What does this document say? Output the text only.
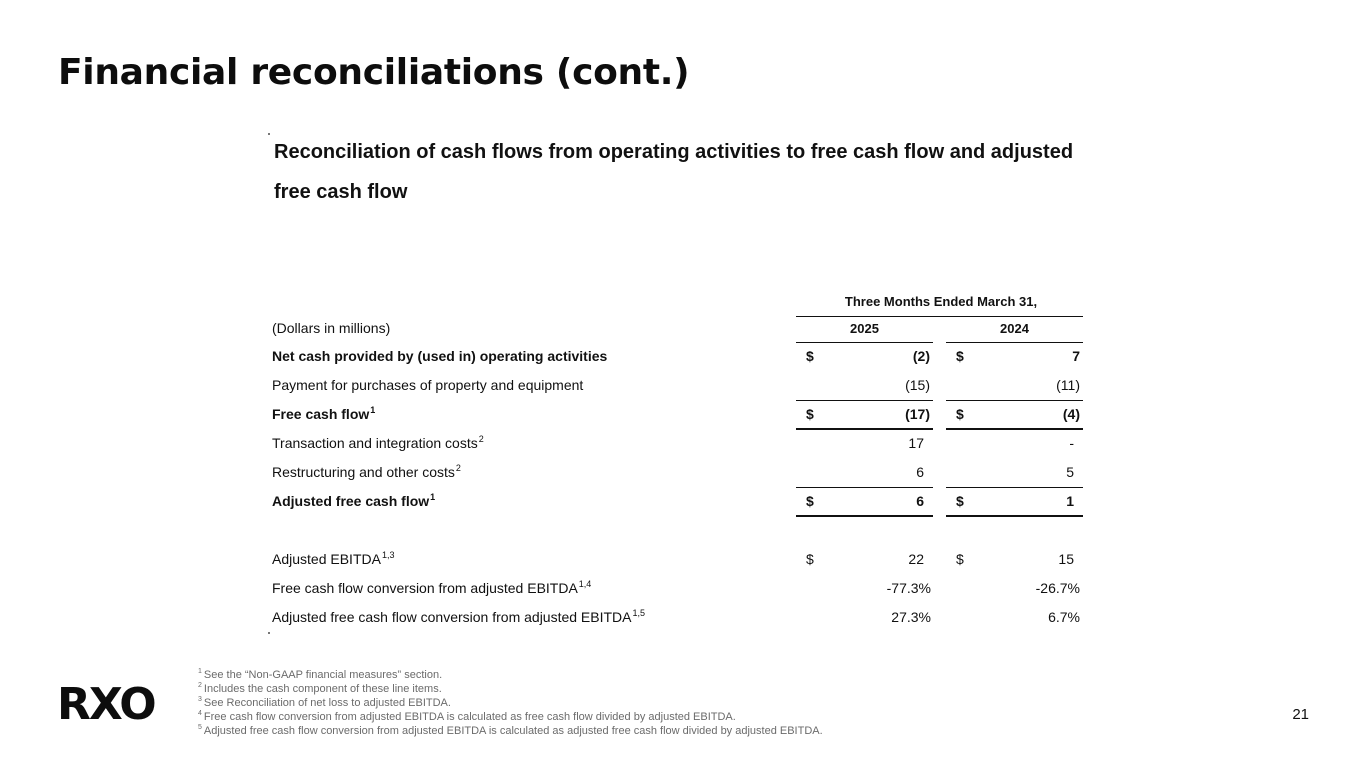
Financial reconciliations (cont.)
Reconciliation of cash flows from operating activities to free cash flow and adjusted free cash flow
Three Months Ended March 31,
(Dollars in millions)	2025	2024
Net cash provided by (used in) operating activities	$	(2) $	7
Payment for purchases of property and equipment	(15)	(11)
Free cash flow$^1$	$	(17) $	(4)
Transaction and integration costs$^2$	17	-
Restructuring and other costs$^2$	6	5
Adjusted free cash flow$^1$	$	6 $	1
Adjusted EBITDA$^{1,3}$	$	22 $	15
Free cash flow conversion from adjusted EBITDA$^{1,4}$	-77.3%	-26.7%
Adjusted free cash flow conversion from adjusted EBITDA$^{1,5}$	27.3%	6.7%
RXO
$^1$ See the “Non-GAAP financial measures” section.
$^2$ Includes the cash component of these line items.
$^3$ See Reconciliation of net loss to adjusted EBITDA.
$^4$ Free cash flow conversion from adjusted EBITDA is calculated as free cash flow divided by adjusted EBITDA.
$^5$ Adjusted free cash flow conversion from adjusted EBITDA is calculated as adjusted free cash flow divided by adjusted EBITDA.
21
